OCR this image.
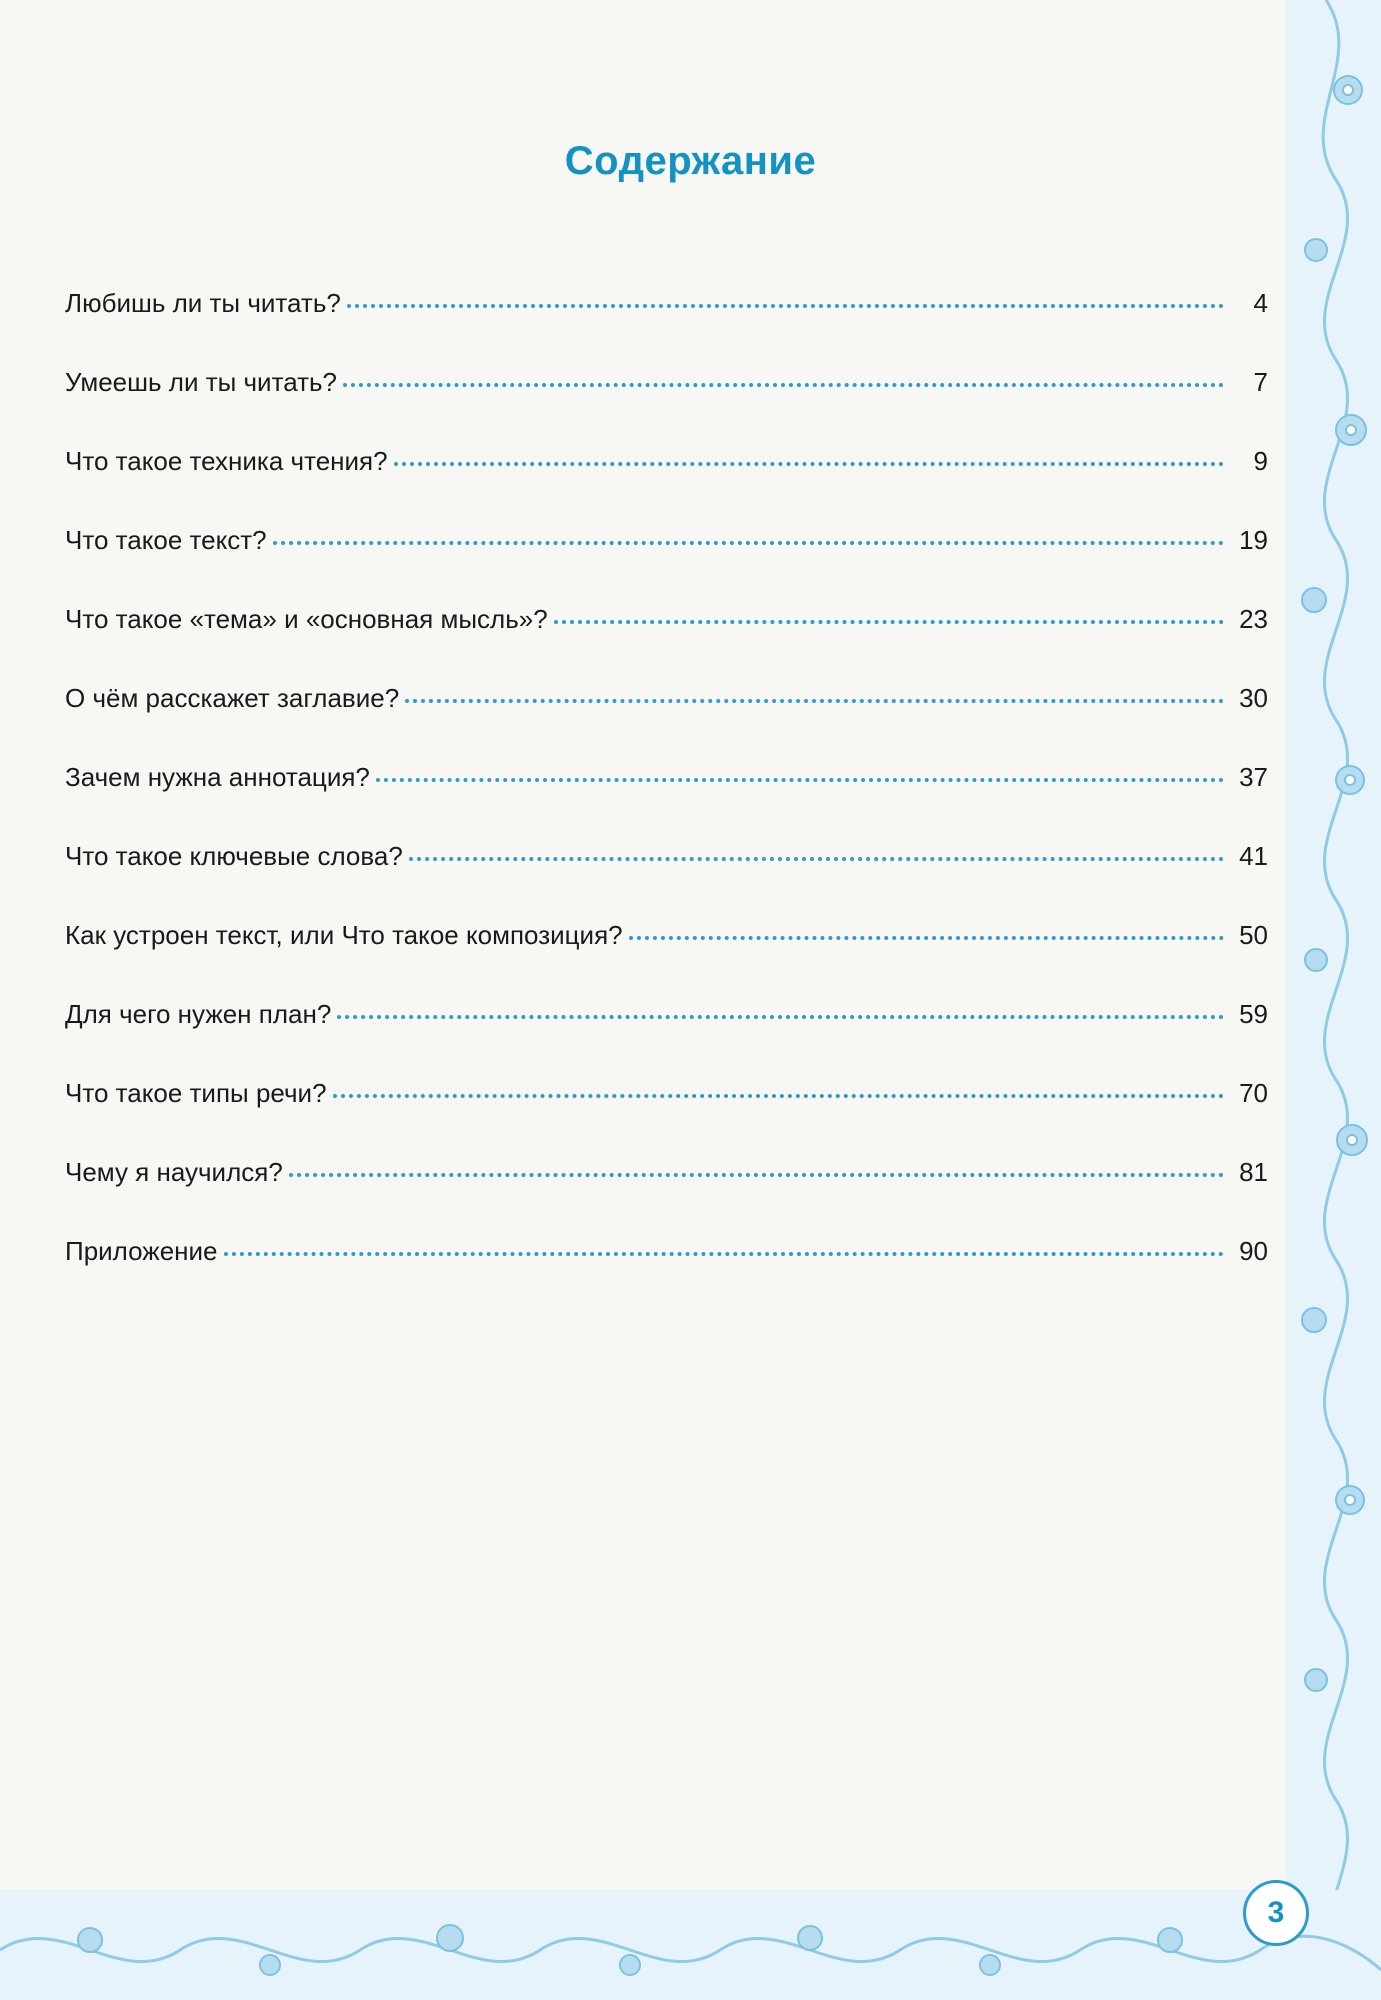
Содержание
Любишь ли ты читать?	4
Умеешь ли ты читать?	7
Что такое техника чтения?	9
Что такое текст?	19
Что такое «тема» и «основная мысль»?	23
О чём расскажет заглавие?	30
Зачем нужна аннотация?	37
Что такое ключевые слова?	41
Как устроен текст, или Что такое композиция?	50
Для чего нужен план?	59
Что такое типы речи?	70
Чему я научился?	81
Приложение	90
3
